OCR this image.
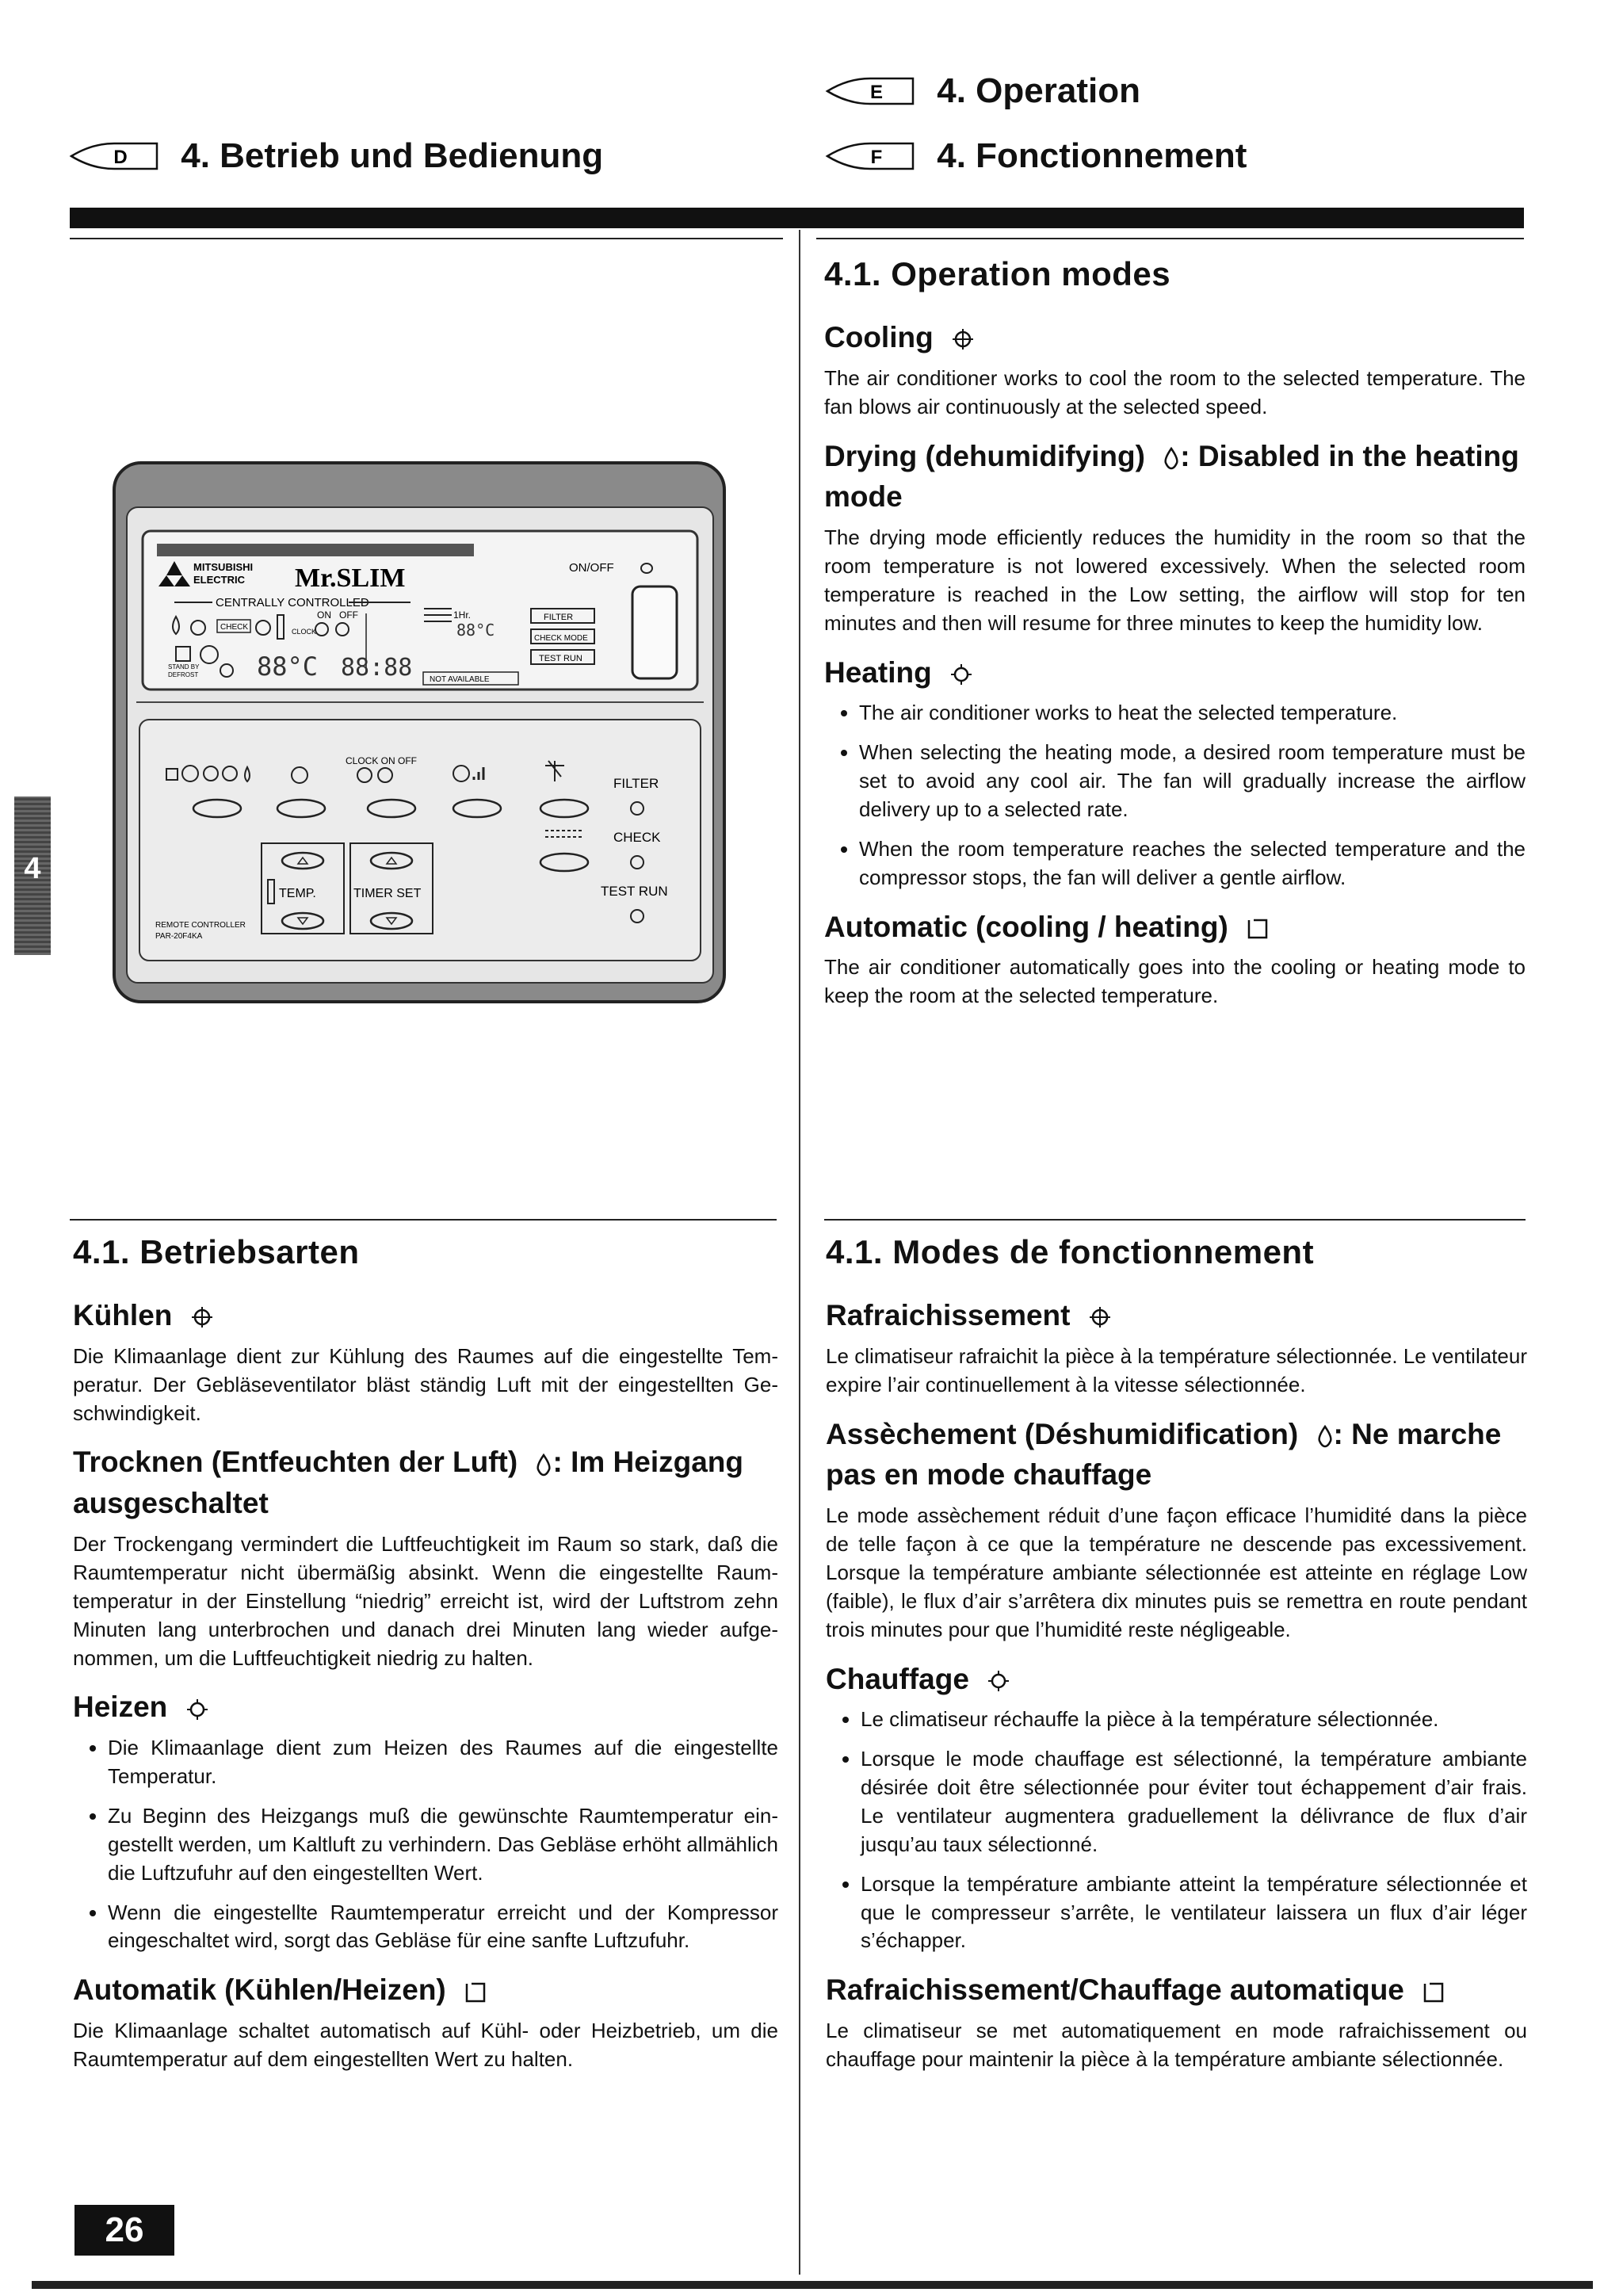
E 4. Operation
D 4. Betrieb und Bedienung	F 4. Fonctionnement
4
MITSUBISHI
ELECTRIC Mr.SLIM	ON/OFF
CENTRALLY CONTROLLED
CHECK
ON OFF
CLOCK
STAND BY
DEFROST 88°C 88:88
1Hr.
88°C
FILTER
CHECK MODE
TEST RUN
NOT AVAILABLE
CLOCK ON OFF
FILTER
CHECK
TEST RUN
TEMP.	TIMER SET
REMOTE CONTROLLER
PAR-20F4KA
4.1. Operation modes
Cooling

The air conditioner works to cool the room to the selected temperature. The fan blows air continuously at the selected speed.

Drying (dehumidifying) : Disabled in the heating mode

The drying mode efficiently reduces the humidity in the room so that the room temperature is not lowered excessively. When the selected room temperature is reached in the Low setting, the airflow will stop for ten minutes and then will resume for three minutes to keep the humidity low.

Heating
• The air conditioner works to heat the selected temperature.
• When selecting the heating mode, a desired room temperature must be set to avoid any cool air. The fan will gradually increase the airflow delivery up to a selected rate.
• When the room temperature reaches the selected temperature and the compressor stops, the fan will deliver a gentle airflow.
Automatic (cooling / heating)

The air conditioner automatically goes into the cooling or heating mode to keep the room at the selected temperature.

4.1. Betriebsarten
Kühlen

Die Klimaanlage dient zur Kühlung des Raumes auf die eingestellte Temperatur. Der Gebläseventilator bläst ständig Luft mit der eingestellten Geschwindigkeit.

Trocknen (Entfeuchten der Luft) : Im Heizgang ausgeschaltet

Der Trockengang vermindert die Luftfeuchtigkeit im Raum so stark, daß die Raumtemperatur nicht übermäßig absinkt. Wenn die eingestellte Raumtemperatur in der Einstellung “niedrig” erreicht ist, wird der Luftstrom zehn Minuten lang unterbrochen und danach drei Minuten lang wieder aufgenommen, um die Luftfeuchtigkeit niedrig zu halten.

Heizen
• Die Klimaanlage dient zum Heizen des Raumes auf die eingestellte Temperatur.
• Zu Beginn des Heizgangs muß die gewünschte Raumtemperatur eingestellt werden, um Kaltluft zu verhindern. Das Gebläse erhöht allmählich die Luftzufuhr auf den eingestellten Wert.
• Wenn die eingestellte Raumtemperatur erreicht und der Kompressor eingeschaltet wird, sorgt das Gebläse für eine sanfte Luftzufuhr.
Automatik (Kühlen/Heizen)

Die Klimaanlage schaltet automatisch auf Kühl- oder Heizbetrieb, um die Raumtemperatur auf dem eingestellten Wert zu halten.

4.1. Modes de fonctionnement
Rafraichissement

Le climatiseur rafraichit la pièce à la température sélectionnée. Le ventilateur expire l’air continuellement à la vitesse sélectionnée.

Assèchement (Déshumidification) : Ne marche pas en mode chauffage

Le mode assèchement réduit d’une façon efficace l’humidité dans la pièce de telle façon à ce que la température ne descende pas excessivement. Lorsque la température ambiante sélectionnée est atteinte en réglage Low (faible), le flux d’air s’arrêtera dix minutes puis se remettra en route pendant trois minutes pour que l’humidité reste négligeable.

Chauffage
• Le climatiseur réchauffe la pièce à la température sélectionnée.
• Lorsque le mode chauffage est sélectionné, la température ambiante désirée doit être sélectionnée pour éviter tout échappement d’air frais. Le ventilateur augmentera graduellement la délivrance de flux d’air jusqu’au taux sélectionné.
• Lorsque la température ambiante atteint la température sélectionnée et que le compresseur s’arrête, le ventilateur laissera un flux d’air léger s’échapper.
Rafraichissement/Chauffage automatique

Le climatiseur se met automatiquement en mode rafraichissement ou chauffage pour maintenir la pièce à la température ambiante sélectionnée.

26
